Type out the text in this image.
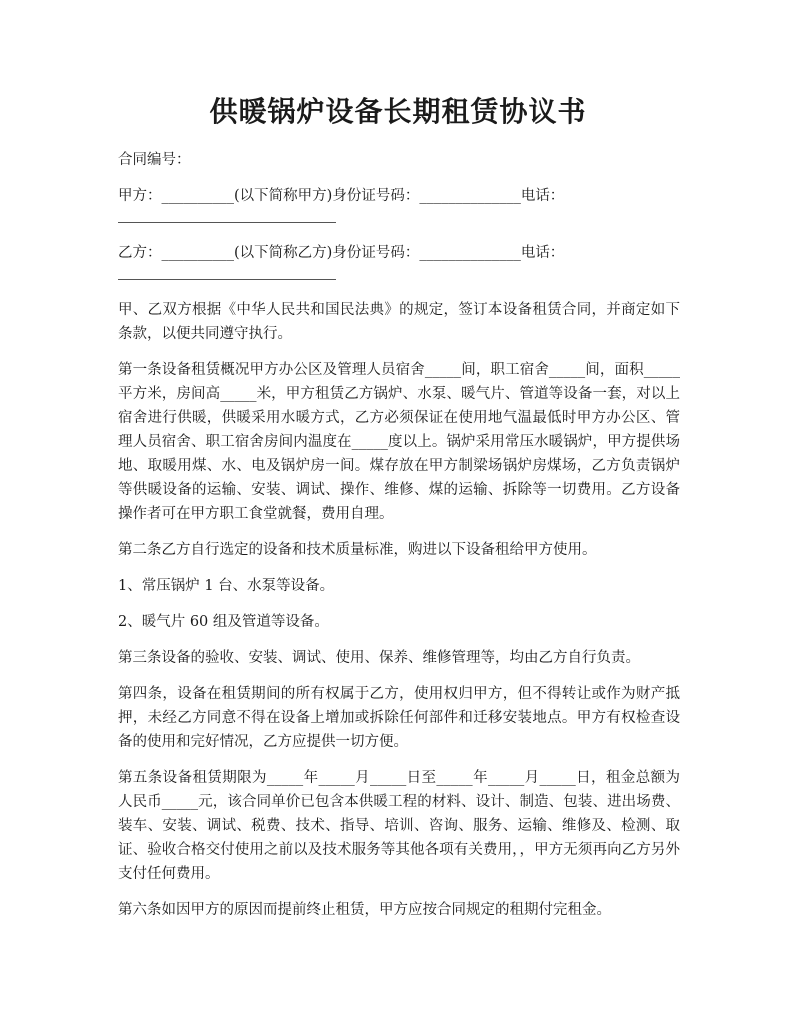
供暖锅炉设备长期租赁协议书

合同编号：

甲方：__________(以下简称甲方)身份证号码：______________电话：

乙方：__________(以下简称乙方)身份证号码：______________电话：

甲、乙双方根据《中华人民共和国民法典》的规定，签订本设备租赁合同，并商定如下条款，以便共同遵守执行。

第一条设备租赁概况甲方办公区及管理人员宿舍_____间，职工宿舍_____间，面积_____平方米，房间高_____米，甲方租赁乙方锅炉、水泵、暖气片、管道等设备一套，对以上宿舍进行供暖，供暖采用水暖方式，乙方必须保证在使用地气温最低时甲方办公区、管理人员宿舍、职工宿舍房间内温度在_____度以上。锅炉采用常压水暖锅炉，甲方提供场地、取暖用煤、水、电及锅炉房一间。煤存放在甲方制梁场锅炉房煤场，乙方负责锅炉等供暖设备的运输、安装、调试、操作、维修、煤的运输、拆除等一切费用。乙方设备操作者可在甲方职工食堂就餐，费用自理。

第二条乙方自行选定的设备和技术质量标准，购进以下设备租给甲方使用。

1、常压锅炉 1 台、水泵等设备。

2、暖气片 60 组及管道等设备。

第三条设备的验收、安装、调试、使用、保养、维修管理等，均由乙方自行负责。

第四条，设备在租赁期间的所有权属于乙方，使用权归甲方，但不得转让或作为财产抵押，未经乙方同意不得在设备上增加或拆除任何部件和迁移安装地点。甲方有权检查设备的使用和完好情况，乙方应提供一切方便。

第五条设备租赁期限为_____年_____月_____日至_____年_____月_____日，租金总额为人民币_____元，该合同单价已包含本供暖工程的材料、设计、制造、包装、进出场费、装车、安装、调试、税费、技术、指导、培训、咨询、服务、运输、维修及、检测、取证、验收合格交付使用之前以及技术服务等其他各项有关费用，，甲方无须再向乙方另外支付任何费用。

第六条如因甲方的原因而提前终止租赁，甲方应按合同规定的租期付完租金。
